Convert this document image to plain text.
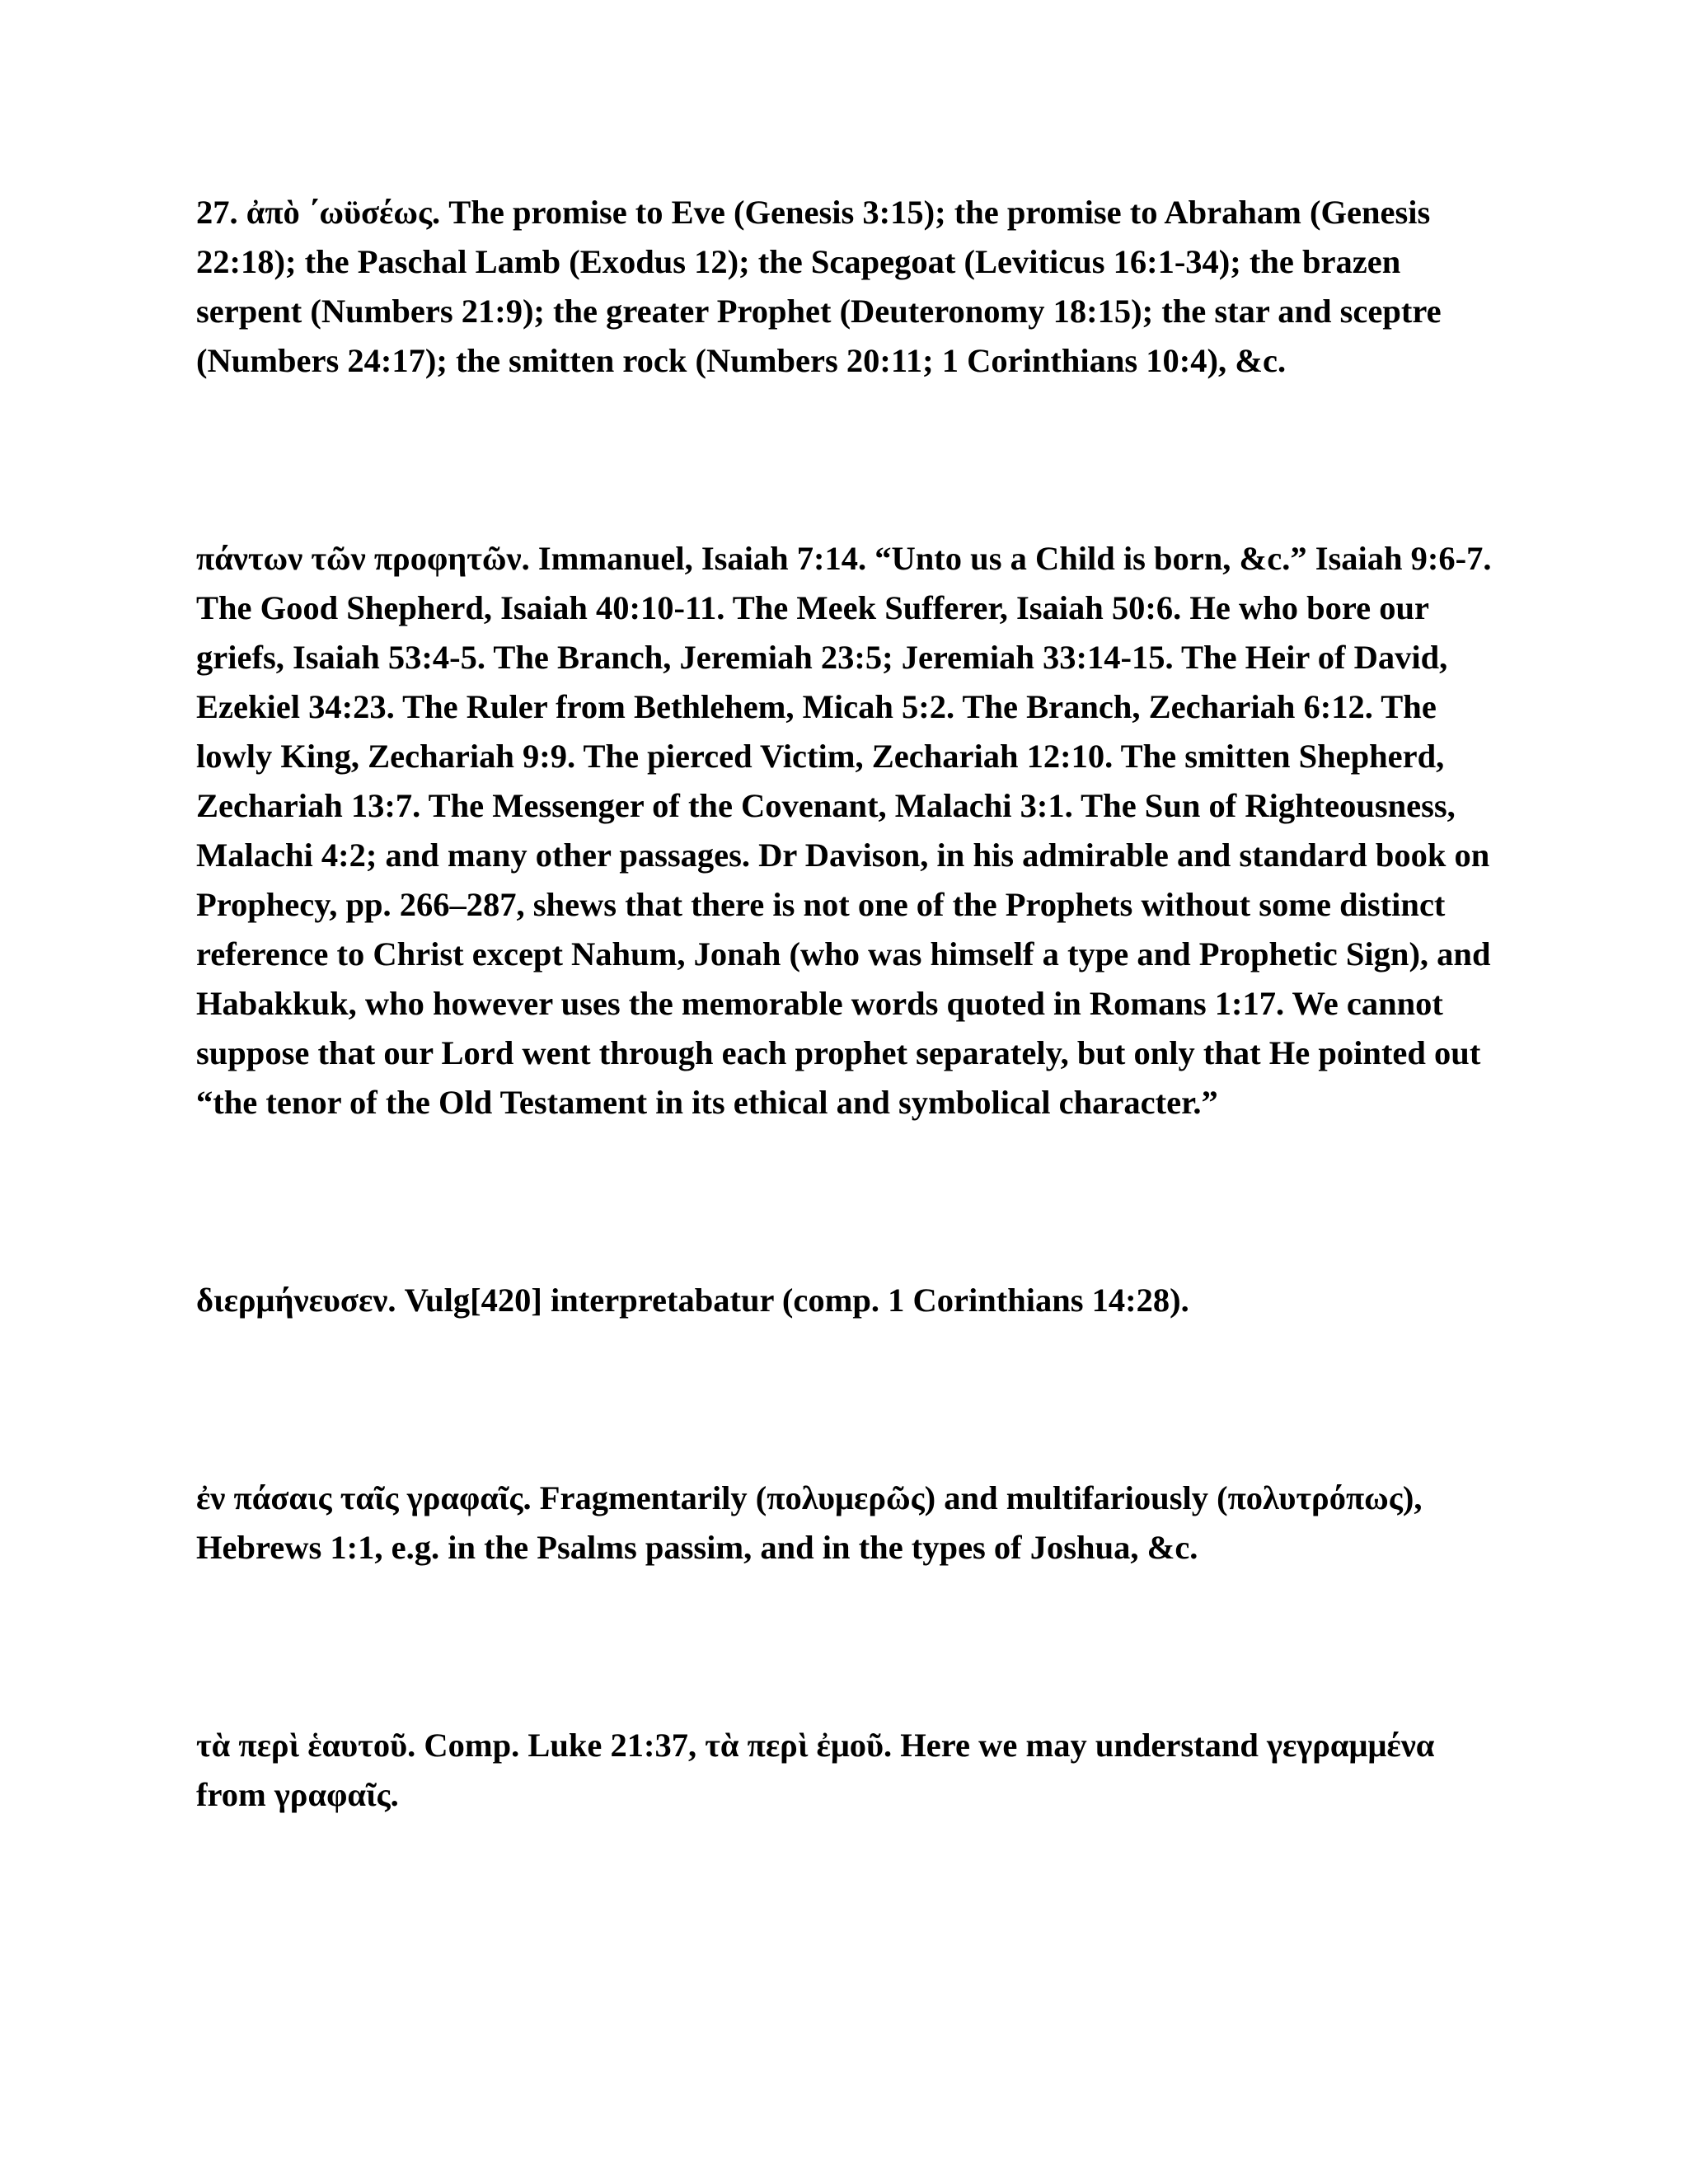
27. ἀπὸ ΄ωϋσέως. The promise to Eve (Genesis 3:15); the promise to Abraham (Genesis 22:18); the Paschal Lamb (Exodus 12); the Scapegoat (Leviticus 16:1-34); the brazen serpent (Numbers 21:9); the greater Prophet (Deuteronomy 18:15); the star and sceptre (Numbers 24:17); the smitten rock (Numbers 20:11; 1 Corinthians 10:4), &c.

πάντων τῶν προφητῶν. Immanuel, Isaiah 7:14. “Unto us a Child is born, &c.” Isaiah 9:6-7. The Good Shepherd, Isaiah 40:10-11. The Meek Sufferer, Isaiah 50:6. He who bore our griefs, Isaiah 53:4-5. The Branch, Jeremiah 23:5; Jeremiah 33:14-15. The Heir of David, Ezekiel 34:23. The Ruler from Bethlehem, Micah 5:2. The Branch, Zechariah 6:12. The lowly King, Zechariah 9:9. The pierced Victim, Zechariah 12:10. The smitten Shepherd, Zechariah 13:7. The Messenger of the Covenant, Malachi 3:1. The Sun of Righteousness, Malachi 4:2; and many other passages. Dr Davison, in his admirable and standard book on Prophecy, pp. 266–287, shews that there is not one of the Prophets without some distinct reference to Christ except Nahum, Jonah (who was himself a type and Prophetic Sign), and Habakkuk, who however uses the memorable words quoted in Romans 1:17. We cannot suppose that our Lord went through each prophet separately, but only that He pointed out “the tenor of the Old Testament in its ethical and symbolical character.”

διερμήνευσεν. Vulg[420] interpretabatur (comp. 1 Corinthians 14:28).

ἐν πάσαις ταῖς γραφαῖς. Fragmentarily (πολυμερῶς) and multifariously (πολυτρόπως), Hebrews 1:1, e.g. in the Psalms passim, and in the types of Joshua, &c.

τὰ περὶ ἑαυτοῦ. Comp. Luke 21:37, τὰ περὶ ἐμοῦ. Here we may understand γεγραμμένα from γραφαῖς.
